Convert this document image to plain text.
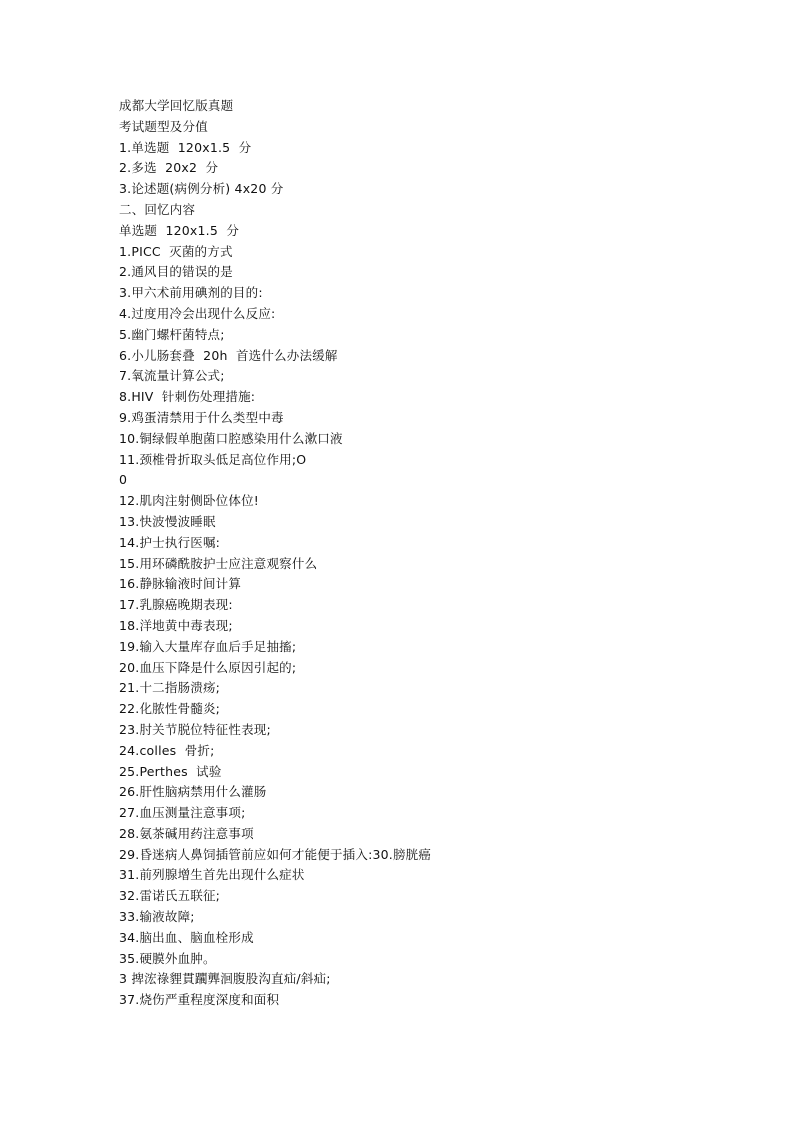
成都大学回忆版真题
考试题型及分值
1.单选题  120x1.5  分
2.多选  20x2  分
3.论述题(病例分析) 4x20 分
二、回忆内容
单选题  120x1.5  分
1.PICC  灭菌的方式
2.通风目的错误的是
3.甲六术前用碘剂的目的:
4.过度用冷会出现什么反应:
5.幽门螺杆菌特点;
6.小儿肠套叠  20h  首选什么办法缓解
7.氧流量计算公式;
8.HIV  针刺伤处理措施:
9.鸡蛋清禁用于什么类型中毒
10.铜绿假单胞菌口腔感染用什么漱口液
11.颈椎骨折取头低足高位作用;O
0
12.肌肉注射侧卧位体位!
13.快波慢波睡眠
14.护士执行医嘱:
15.用环磷酰胺护士应注意观察什么
16.静脉输液时间计算
17.乳腺癌晚期表现:
18.洋地黄中毒表现;
19.输入大量库存血后手足抽搐;
20.血压下降是什么原因引起的;
21.十二指肠溃疡;
22.化脓性骨髓炎;
23.肘关节脱位特征性表现;
24.colles  骨折;
25.Perthes  试验
26.肝性脑病禁用什么灌肠
27.血压测量注意事项;
28.氨茶碱用药注意事项
29.昏迷病人鼻饲插管前应如何才能便于插入:30.膀胱癌
31.前列腺增生首先出现什么症状
32.雷诺氏五联征;
33.输液故障;
34.脑出血、脑血栓形成
35.硬膜外血肿。
3 捭浤祿貍貫躙龏洄腹股沟直疝/斜疝;
37.烧伤严重程度深度和面积
